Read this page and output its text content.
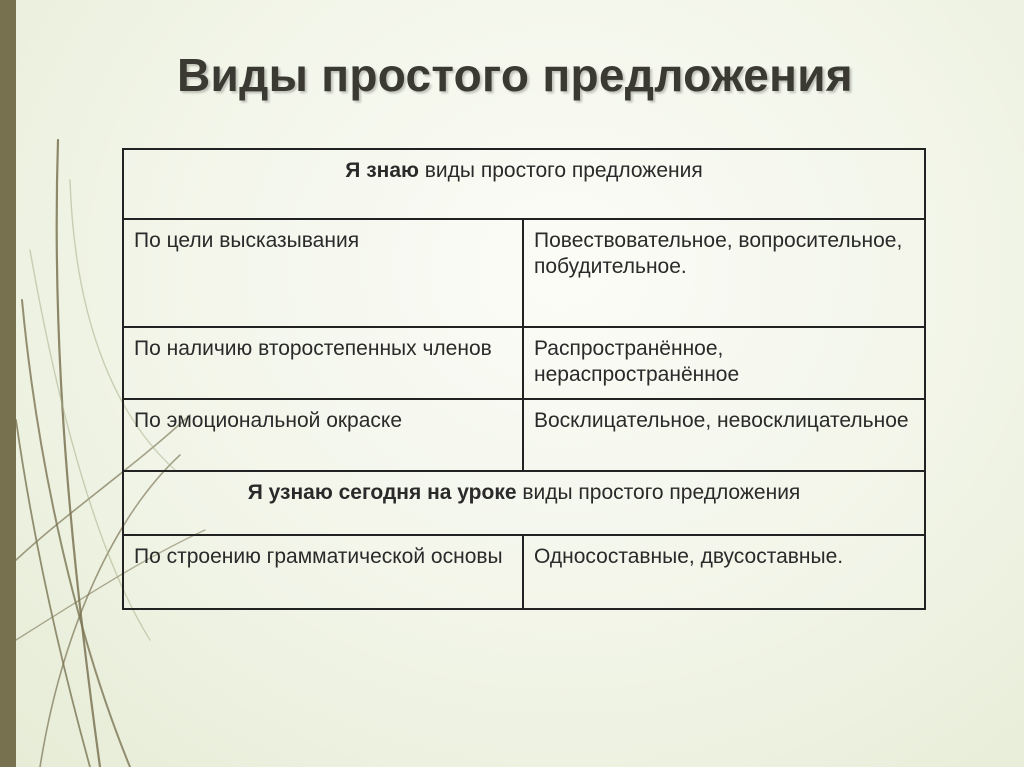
Виды простого предложения
Я знаю виды простого предложения	
По цели высказывания	Повествовательное, вопросительное, побудительное.
По наличию второстепенных членов	Распространённое, нераспространённое
По эмоциональной окраске	Восклицательное, невосклицательное
Я узнаю сегодня на уроке виды простого предложения	
По строению грамматической основы	Односоставные, двусоставные.
